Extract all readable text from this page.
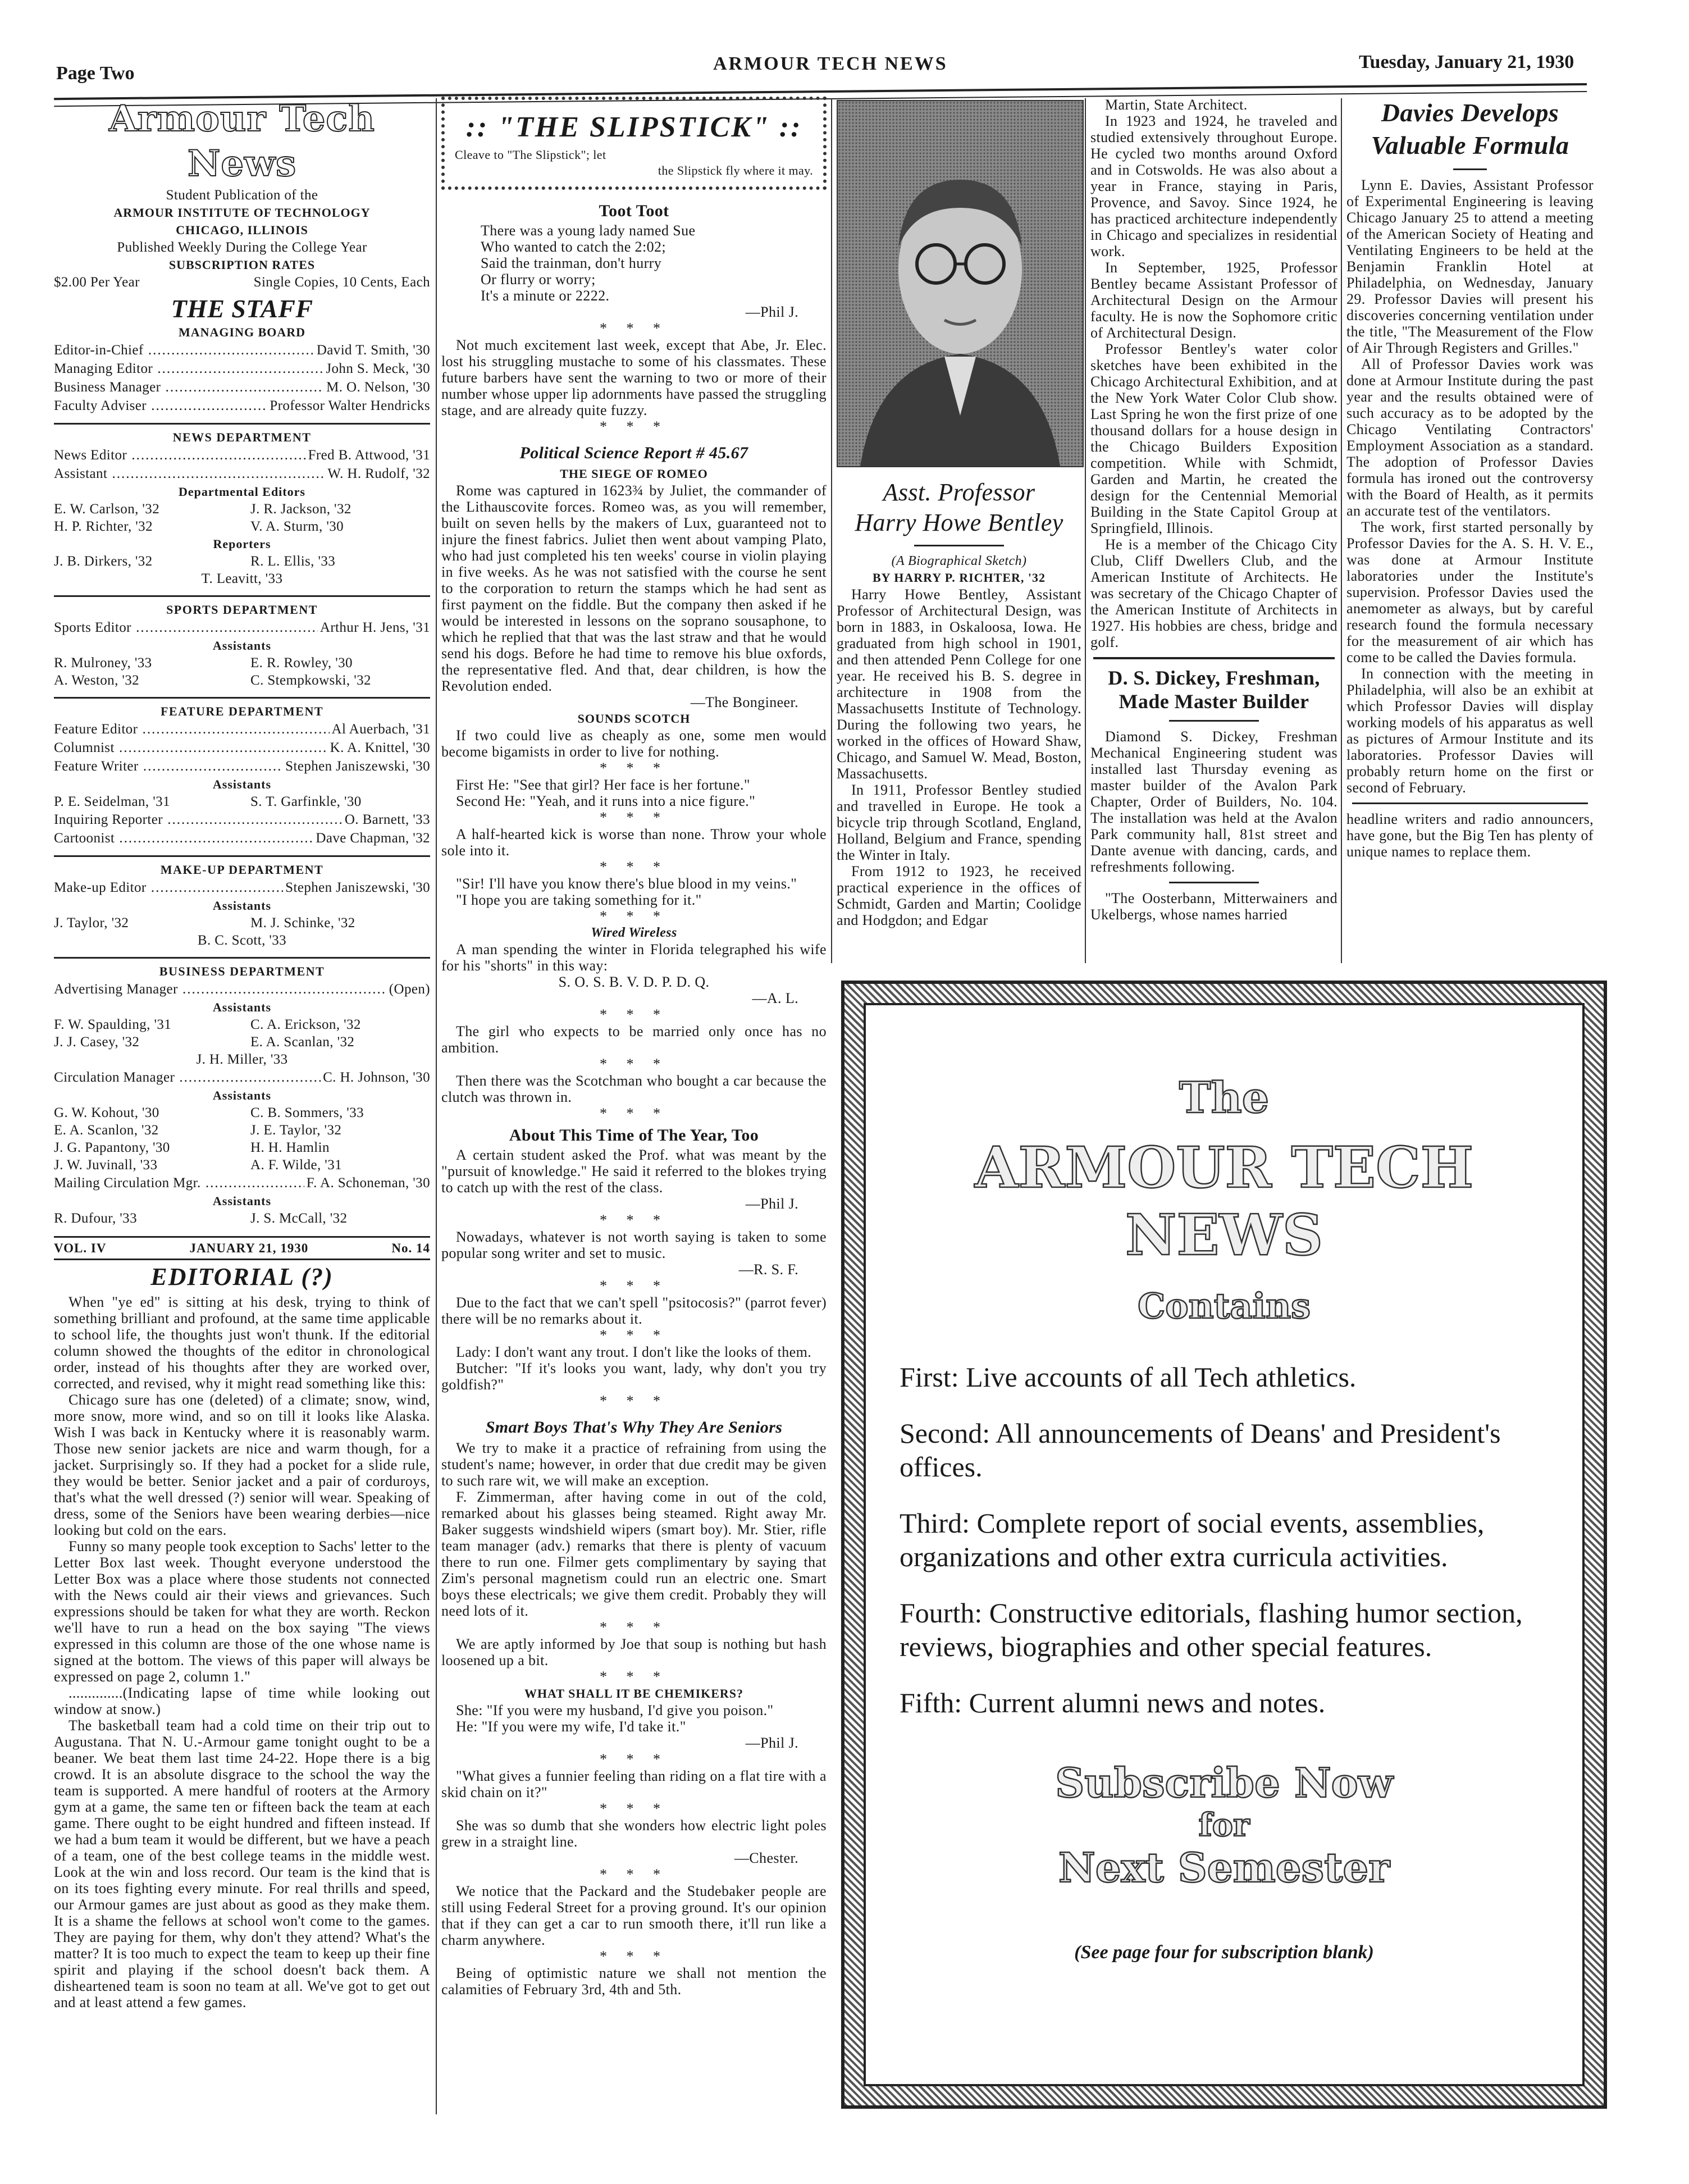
Page Two	ARMOUR TECH NEWS	Tuesday, January 21, 1930
Armour Tech News
Student Publication of the
ARMOUR INSTITUTE OF TECHNOLOGY
CHICAGO, ILLINOIS
Published Weekly During the College Year
SUBSCRIPTION RATES
$2.00 Per Year	Single Copies, 10 Cents, Each
THE STAFF
MANAGING BOARD
Editor-in-Chief .....	David T. Smith, '30
Managing Editor .....	John S. Meck, '30
Business Manager .....	M. O. Nelson, '30
Faculty Adviser .....	Professor Walter Hendricks
NEWS DEPARTMENT
News Editor .....	Fred B. Attwood, '31
Assistant .....	W. H. Rudolf, '32
Departmental Editors
E. W. Carlson, '32	J. R. Jackson, '32
H. P. Richter, '32	V. A. Sturm, '30
Reporters
J. B. Dirkers, '32	R. L. Ellis, '33
T. Leavitt, '33
SPORTS DEPARTMENT
Sports Editor .....	Arthur H. Jens, '31
Assistants
R. Mulroney, '33	E. R. Rowley, '30
A. Weston, '32	C. Stempkowski, '32
FEATURE DEPARTMENT
Feature Editor .....	Al Auerbach, '31
Columnist .....	K. A. Knittel, '30
Feature Writer .....	Stephen Janiszewski, '30
Assistants
P. E. Seidelman, '31	S. T. Garfinkle, '30
Inquiring Reporter .....	O. Barnett, '33
Cartoonist .....	Dave Chapman, '32
MAKE-UP DEPARTMENT
Make-up Editor .....	Stephen Janiszewski, '30
Assistants
J. Taylor, '32	M. J. Schinke, '32
B. C. Scott, '33
BUSINESS DEPARTMENT
Advertising Manager .....	(Open)
Assistants
F. W. Spaulding, '31	C. A. Erickson, '32
J. J. Casey, '32	E. A. Scanlan, '32
J. H. Miller, '33
Circulation Manager .....	C. H. Johnson, '30
Assistants
G. W. Kohout, '30	C. B. Sommers, '33
E. A. Scanlon, '32	J. E. Taylor, '32
J. G. Papantony, '30	H. H. Hamlin
J. W. Juvinall, '33	A. F. Wilde, '31
Mailing Circulation Mgr. .....	F. A. Schoneman, '30
Assistants
R. Dufour, '33	J. S. McCall, '32
VOL. IV	JANUARY 21, 1930	No. 14
EDITORIAL (?)

When "ye ed" is sitting at his desk, trying to think of something brilliant and profound, at the same time applicable to school life, the thoughts just won't thunk. If the editorial column showed the thoughts of the editor in chronological order, instead of his thoughts after they are worked over, corrected, and revised, why it might read something like this:

Chicago sure has one (deleted) of a climate; snow, wind, more snow, more wind, and so on till it looks like Alaska. Wish I was back in Kentucky where it is reasonably warm. Those new senior jackets are nice and warm though, for a jacket. Surprisingly so. If they had a pocket for a slide rule, they would be better. Senior jacket and a pair of corduroys, that's what the well dressed (?) senior will wear. Speaking of dress, some of the Seniors have been wearing derbies—nice looking but cold on the ears.

Funny so many people took exception to Sachs' letter to the Letter Box last week. Thought everyone understood the Letter Box was a place where those students not connected with the News could air their views and grievances. Such expressions should be taken for what they are worth. Reckon we'll have to run a head on the box saying "The views expressed in this column are those of the one whose name is signed at the bottom. The views of this paper will always be expressed on page 2, column 1."

..............(Indicating lapse of time while looking out window at snow.)

The basketball team had a cold time on their trip out to Augustana. That N. U.-Armour game tonight ought to be a beaner. We beat them last time 24-22. Hope there is a big crowd. It is an absolute disgrace to the school the way the team is supported. A mere handful of rooters at the Armory gym at a game, the same ten or fifteen back the team at each game. There ought to be eight hundred and fifteen instead. If we had a bum team it would be different, but we have a peach of a team, one of the best college teams in the middle west. Look at the win and loss record. Our team is the kind that is on its toes fighting every minute. For real thrills and speed, our Armour games are just about as good as they make them. It is a shame the fellows at school won't come to the games. They are paying for them, why don't they attend? What's the matter? It is too much to expect the team to keep up their fine spirit and playing if the school doesn't back them. A disheartened team is soon no team at all. We've got to get out and at least attend a few games.

:: "THE SLIPSTICK" ::
Cleave to "The Slipstick"; let
the Slipstick fly where it may.
Toot Toot
There was a young lady named Sue
Who wanted to catch the 2:02;
Said the trainman, don't hurry
Or flurry or worry;
It's a minute or 2222.
—Phil J.
* * *

Not much excitement last week, except that Abe, Jr. Elec. lost his struggling mustache to some of his classmates. These future barbers have sent the warning to two or more of their number whose upper lip adornments have passed the struggling stage, and are already quite fuzzy.

* * *
Political Science Report # 45.67
THE SIEGE OF ROMEO

Rome was captured in 1623¾ by Juliet, the commander of the Lithauscovite forces. Romeo was, as you will remember, built on seven hells by the makers of Lux, guaranteed not to injure the finest fabrics. Juliet then went about vamping Plato, who had just completed his ten weeks' course in violin playing in five weeks. As he was not satisfied with the course he sent to the corporation to return the stamps which he had sent as first payment on the fiddle. But the company then asked if he would be interested in lessons on the soprano sousaphone, to which he replied that that was the last straw and that he would send his dogs. Before he had time to remove his blue oxfords, the representative fled. And that, dear children, is how the Revolution ended.

—The Bongineer.
SOUNDS SCOTCH

If two could live as cheaply as one, some men would become bigamists in order to live for nothing.

* * *

First He: "See that girl? Her face is her fortune."

Second He: "Yeah, and it runs into a nice figure."

* * *

A half-hearted kick is worse than none. Throw your whole sole into it.

* * *

"Sir! I'll have you know there's blue blood in my veins."

"I hope you are taking something for it."

* * *
Wired Wireless

A man spending the winter in Florida telegraphed his wife for his "shorts" in this way:

S. O. S. B. V. D. P. D. Q.
—A. L.
* * *

The girl who expects to be married only once has no ambition.

* * *

Then there was the Scotchman who bought a car because the clutch was thrown in.

* * *
About This Time of The Year, Too

A certain student asked the Prof. what was meant by the "pursuit of knowledge." He said it referred to the blokes trying to catch up with the rest of the class.

—Phil J.
* * *

Nowadays, whatever is not worth saying is taken to some popular song writer and set to music.

—R. S. F.
* * *

Due to the fact that we can't spell "psitocosis?" (parrot fever) there will be no remarks about it.

* * *

Lady: I don't want any trout. I don't like the looks of them.

Butcher: "If it's looks you want, lady, why don't you try goldfish?"

* * *
Smart Boys That's Why They Are Seniors

We try to make it a practice of refraining from using the student's name; however, in order that due credit may be given to such rare wit, we will make an exception.

F. Zimmerman, after having come in out of the cold, remarked about his glasses being steamed. Right away Mr. Baker suggests windshield wipers (smart boy). Mr. Stier, rifle team manager (adv.) remarks that there is plenty of vacuum there to run one. Filmer gets complimentary by saying that Zim's personal magnetism could run an electric one. Smart boys these electricals; we give them credit. Probably they will need lots of it.

* * *

We are aptly informed by Joe that soup is nothing but hash loosened up a bit.

* * *
WHAT SHALL IT BE CHEMIKERS?

She: "If you were my husband, I'd give you poison."

He: "If you were my wife, I'd take it."

—Phil J.
* * *

"What gives a funnier feeling than riding on a flat tire with a skid chain on it?"

* * *

She was so dumb that she wonders how electric light poles grew in a straight line.

—Chester.
* * *

We notice that the Packard and the Studebaker people are still using Federal Street for a proving ground. It's our opinion that if they can get a car to run smooth there, it'll run like a charm anywhere.

* * *

Being of optimistic nature we shall not mention the calamities of February 3rd, 4th and 5th.

Asst. Professor
Harry Howe Bentley
(A Biographical Sketch)
BY HARRY P. RICHTER, '32

Harry Howe Bentley, Assistant Professor of Architectural Design, was born in 1883, in Oskaloosa, Iowa. He graduated from high school in 1901, and then attended Penn College for one year. He received his B. S. degree in architecture in 1908 from the Massachusetts Institute of Technology. During the following two years, he worked in the offices of Howard Shaw, Chicago, and Samuel W. Mead, Boston, Massachusetts.

In 1911, Professor Bentley studied and travelled in Europe. He took a bicycle trip through Scotland, England, Holland, Belgium and France, spending the Winter in Italy.

From 1912 to 1923, he received practical experience in the offices of Schmidt, Garden and Martin; Coolidge and Hodgdon; and Edgar

Martin, State Architect.

In 1923 and 1924, he traveled and studied extensively throughout Europe. He cycled two months around Oxford and in Cotswolds. He was also about a year in France, staying in Paris, Provence, and Savoy. Since 1924, he has practiced architecture independently in Chicago and specializes in residential work.

In September, 1925, Professor Bentley became Assistant Professor of Architectural Design on the Armour faculty. He is now the Sophomore critic of Architectural Design.

Professor Bentley's water color sketches have been exhibited in the Chicago Architectural Exhibition, and at the New York Water Color Club show. Last Spring he won the first prize of one thousand dollars for a house design in the Chicago Builders Exposition competition. While with Schmidt, Garden and Martin, he created the design for the Centennial Memorial Building in the State Capitol Group at Springfield, Illinois.

He is a member of the Chicago City Club, Cliff Dwellers Club, and the American Institute of Architects. He was secretary of the Chicago Chapter of the American Institute of Architects in 1927. His hobbies are chess, bridge and golf.

D. S. Dickey, Freshman,
Made Master Builder

Diamond S. Dickey, Freshman Mechanical Engineering student was installed last Thursday evening as master builder of the Avalon Park Chapter, Order of Builders, No. 104. The installation was held at the Avalon Park community hall, 81st street and Dante avenue with dancing, cards, and refreshments following.

"The Oosterbann, Mitterwainers and Ukelbergs, whose names harried

Davies Develops
Valuable Formula

Lynn E. Davies, Assistant Professor of Experimental Engineering is leaving Chicago January 25 to attend a meeting of the American Society of Heating and Ventilating Engineers to be held at the Benjamin Franklin Hotel at Philadelphia, on Wednesday, January 29. Professor Davies will present his discoveries concerning ventilation under the title, "The Measurement of the Flow of Air Through Registers and Grilles."

All of Professor Davies work was done at Armour Institute during the past year and the results obtained were of such accuracy as to be adopted by the Chicago Ventilating Contractors' Employment Association as a standard. The adoption of Professor Davies formula has ironed out the controversy with the Board of Health, as it permits an accurate test of the ventilators.

The work, first started personally by Professor Davies for the A. S. H. V. E., was done at Armour Institute laboratories under the Institute's supervision. Professor Davies used the anemometer as always, but by careful research found the formula necessary for the measurement of air which has come to be called the Davies formula.

In connection with the meeting in Philadelphia, will also be an exhibit at which Professor Davies will display working models of his apparatus as well as pictures of Armour Institute and its laboratories. Professor Davies will probably return home on the first or second of February.

headline writers and radio announcers, have gone, but the Big Ten has plenty of unique names to replace them.

The
ARMOUR TECH
NEWS
Contains
First: Live accounts of all Tech athletics.
Second: All announcements of Deans' and President's offices.
Third: Complete report of social events, assemblies, organizations and other extra curricula activities.
Fourth: Constructive editorials, flashing humor section, reviews, biographies and other special features.
Fifth: Current alumni news and notes.
Subscribe Now
for
Next Semester
(See page four for subscription blank)
